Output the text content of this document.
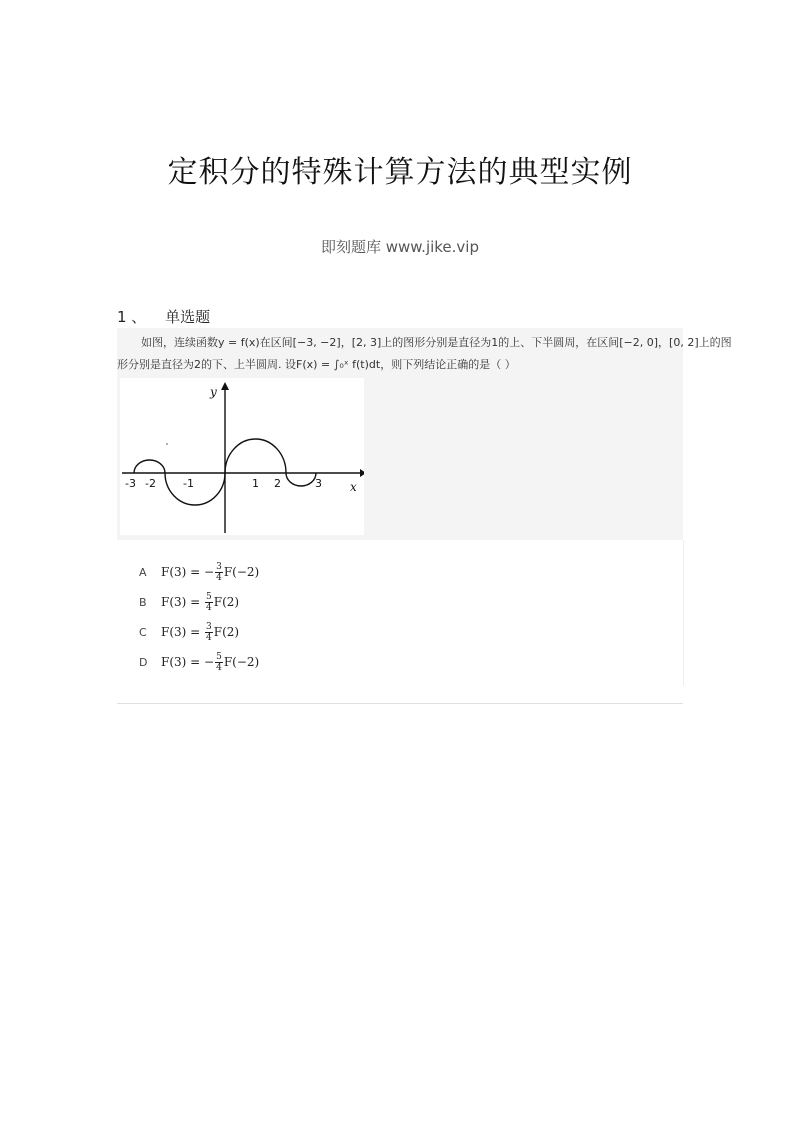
定积分的特殊计算方法的典型实例
即刻题库 www.jike.vip
1 、 单选题
如图，连续函数y = f(x)在区间[−3, −2]，[2, 3]上的图形分别是直径为1的上、下半圆周，在区间[−2, 0]，[0, 2]上的图
形分别是直径为2的下、上半圆周. 设F(x) = ∫₀ˣ f(t)dt，则下列结论正确的是（ ）
y
x
-3 -2 -1	1 2	3
A	F(3) =
− $\frac{3}{4} F(-2)$
B	F(3) =
$\frac{5}{4} F(2)$
C	F(3) =
$\frac{3}{4} F(2)$
D	F(3) =
− $\frac{5}{4} F(-2)$
